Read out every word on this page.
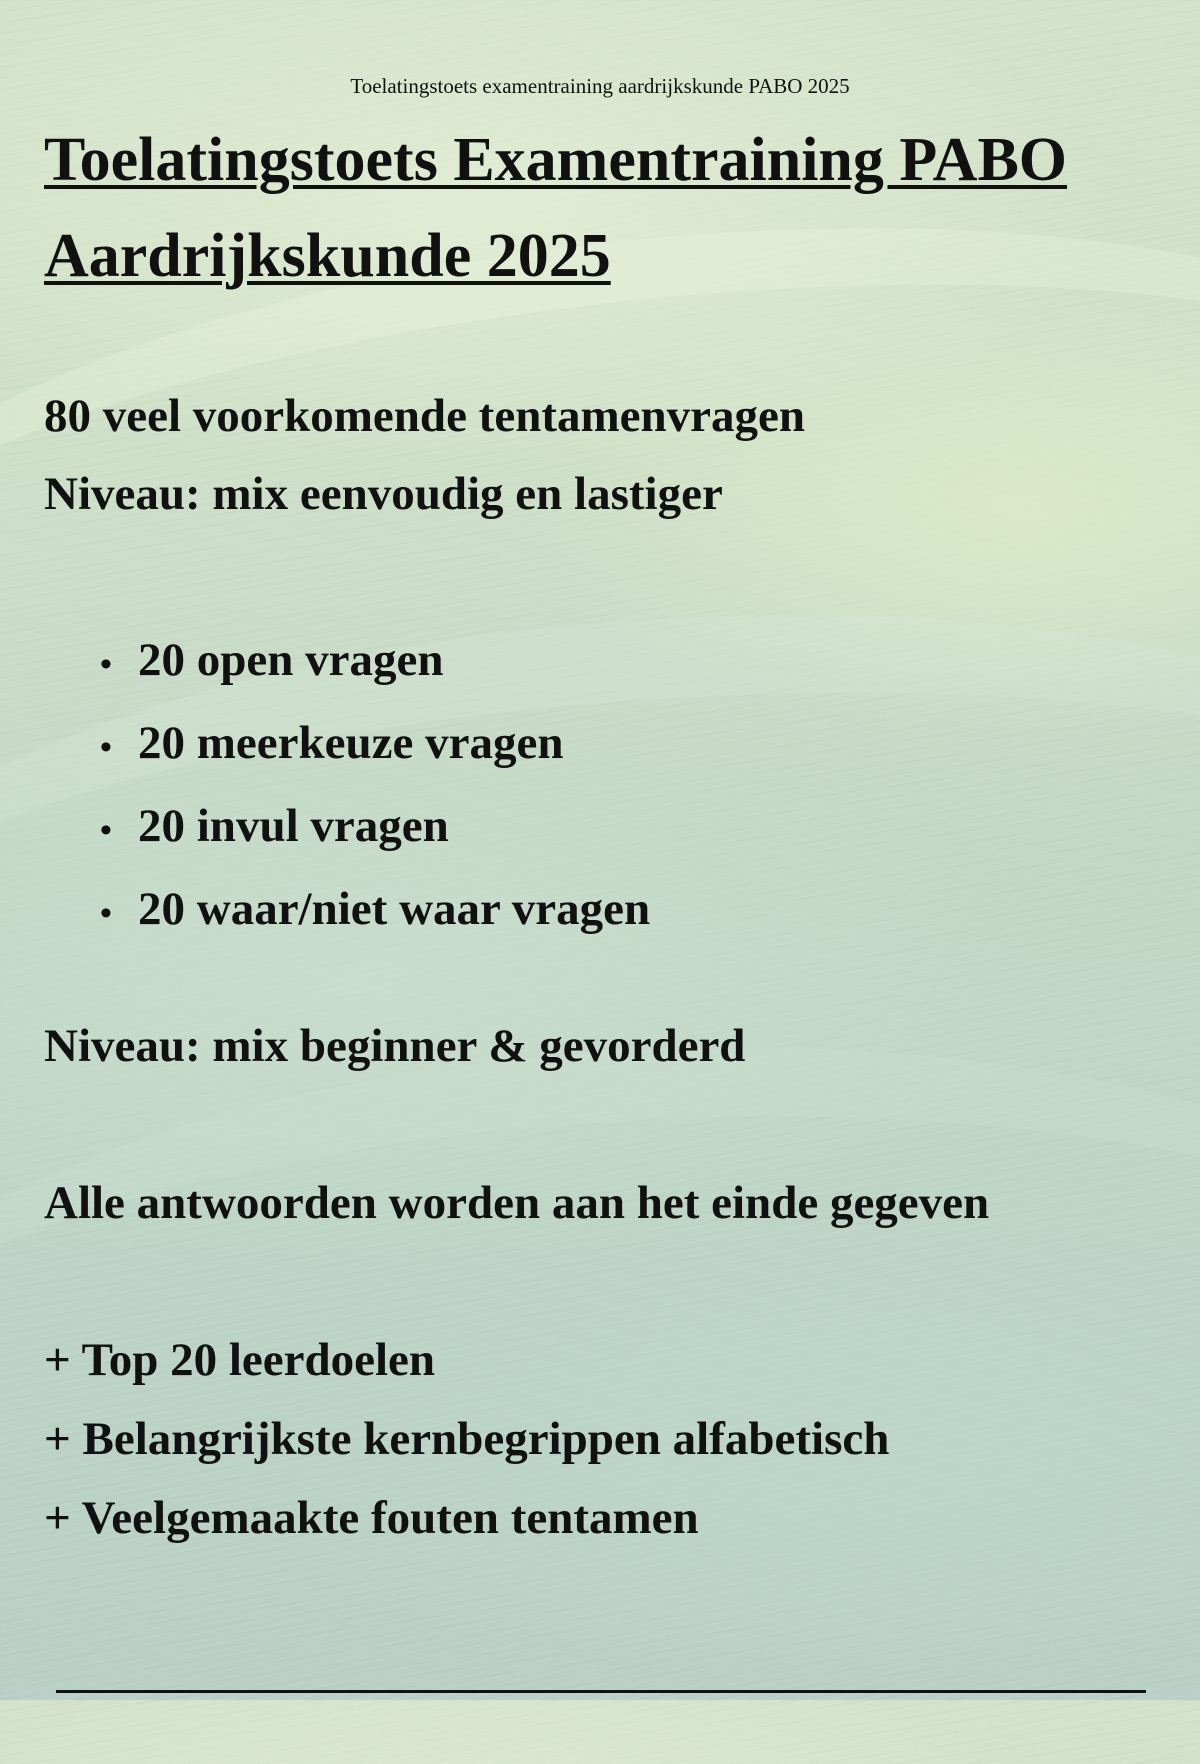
Toelatingstoets examentraining aardrijkskunde PABO 2025
Toelatingstoets Examentraining PABO Aardrijkskunde 2025
80 veel voorkomende tentamenvragen
Niveau: mix eenvoudig en lastiger
• 20 open vragen
• 20 meerkeuze vragen
• 20 invul vragen
• 20 waar/niet waar vragen
Niveau: mix beginner & gevorderd
Alle antwoorden worden aan het einde gegeven
+ Top 20 leerdoelen
+ Belangrijkste kernbegrippen alfabetisch
+ Veelgemaakte fouten tentamen
